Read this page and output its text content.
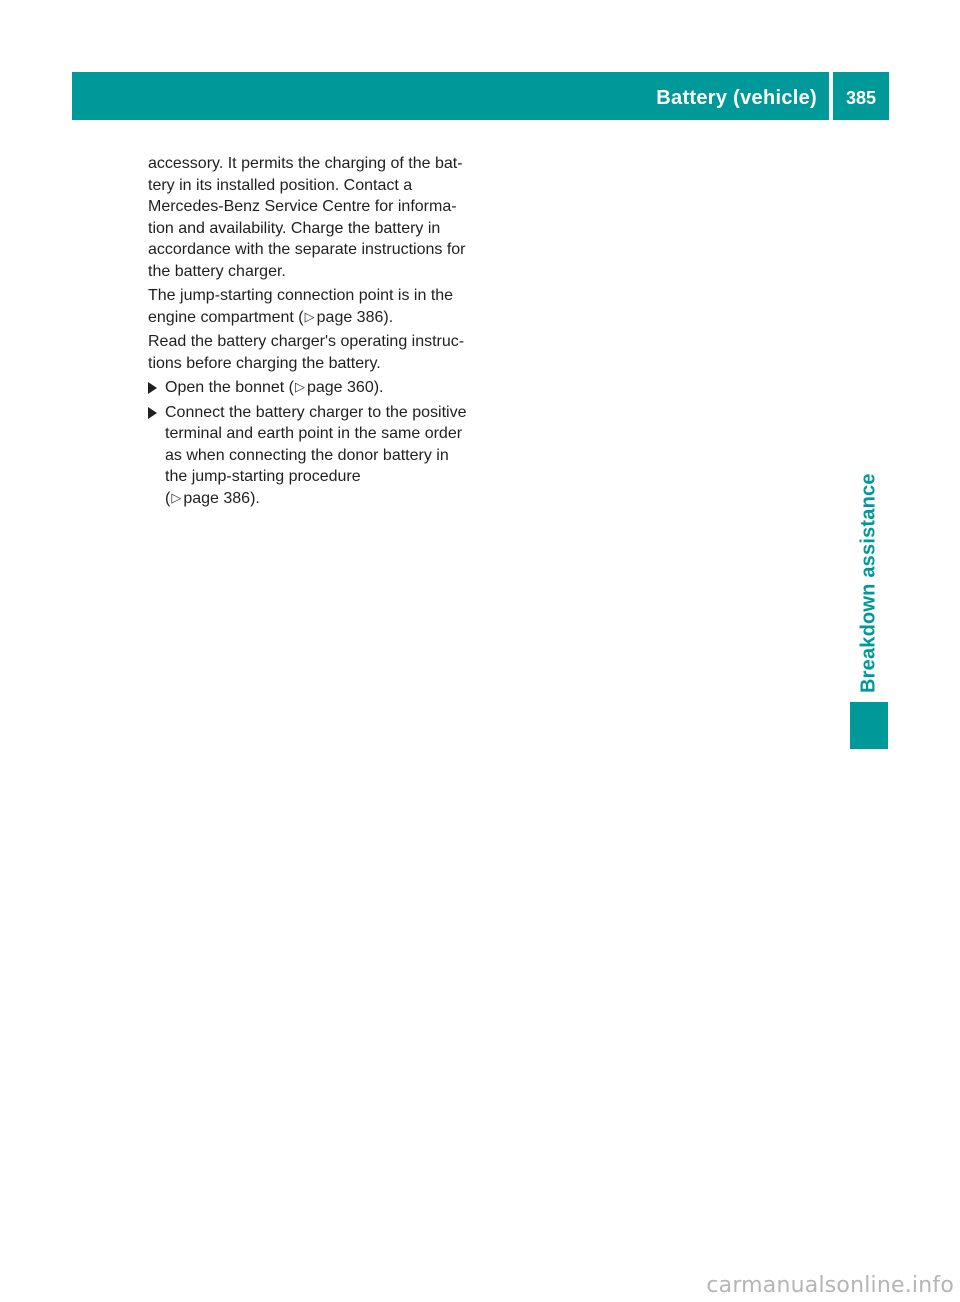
Battery (vehicle)	385
Breakdown assistance

accessory. It permits the charging of the bat-
tery in its installed position. Contact a
Mercedes-Benz Service Centre for informa-
tion and availability. Charge the battery in
accordance with the separate instructions for
the battery charger.

The jump-starting connection point is in the
engine compartment (▷ page 386).

Read the battery charger's operating instruc-
tions before charging the battery.

Open the bonnet (▷ page 360).
Connect the battery charger to the positive
terminal and earth point in the same order
as when connecting the donor battery in
the jump-starting procedure
(▷ page 386).
carmanualsonline.info
